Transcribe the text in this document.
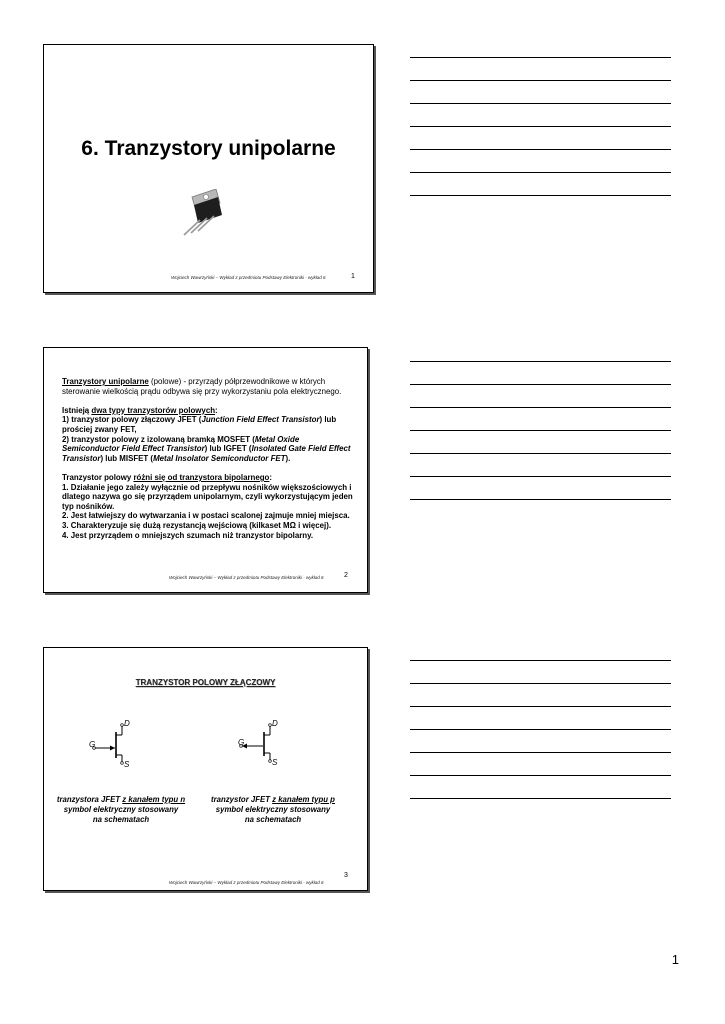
6. Tranzystory unipolarne
Wojciech Wawrzyński – Wykład z przedmiotu Podstawy Elektroniki - wykład 6	1

Tranzystory unipolarne (polowe) - przyrządy półprzewodnikowe w których sterowanie wielkością prądu odbywa się przy wykorzystaniu pola elektrycznego.

Istnieją dwa typy tranzystorów polowych:
1) tranzystor polowy złączowy JFET (Junction Field Effect Transistor) lub prościej zwany FET,
2) tranzystor polowy z izolowaną bramką MOSFET (Metal Oxide Semiconductor Field Effect Transistor) lub IGFET (Insolated Gate Field Effect Transistor) lub MISFET (Metal Insolator Semiconductor FET).

Tranzystor polowy różni się od tranzystora bipolarnego:
1. Działanie jego zależy wyłącznie od przepływu nośników większościowych i dlatego nazywa go się przyrządem unipolarnym, czyli wykorzystującym jeden typ nośników.
2. Jest łatwiejszy do wytwarzania i w postaci scalonej zajmuje mniej miejsca.
3. Charakteryzuje się dużą rezystancją wejściową (kilkaset MΩ i więcej).
4. Jest przyrządem o mniejszych szumach niż tranzystor bipolarny.

Wojciech Wawrzyński – Wykład z przedmiotu Podstawy Elektroniki - wykład 6	2
TRANZYSTOR POLOWY ZŁĄCZOWY
G
D
S
G
D
S
tranzystora JFET z kanałem typu n
symbol elektryczny stosowany
na schematach
tranzystor JFET z kanałem typu p
symbol elektryczny stosowany
na schematach
Wojciech Wawrzyński – Wykład z przedmiotu Podstawy Elektroniki - wykład 6
3
1
